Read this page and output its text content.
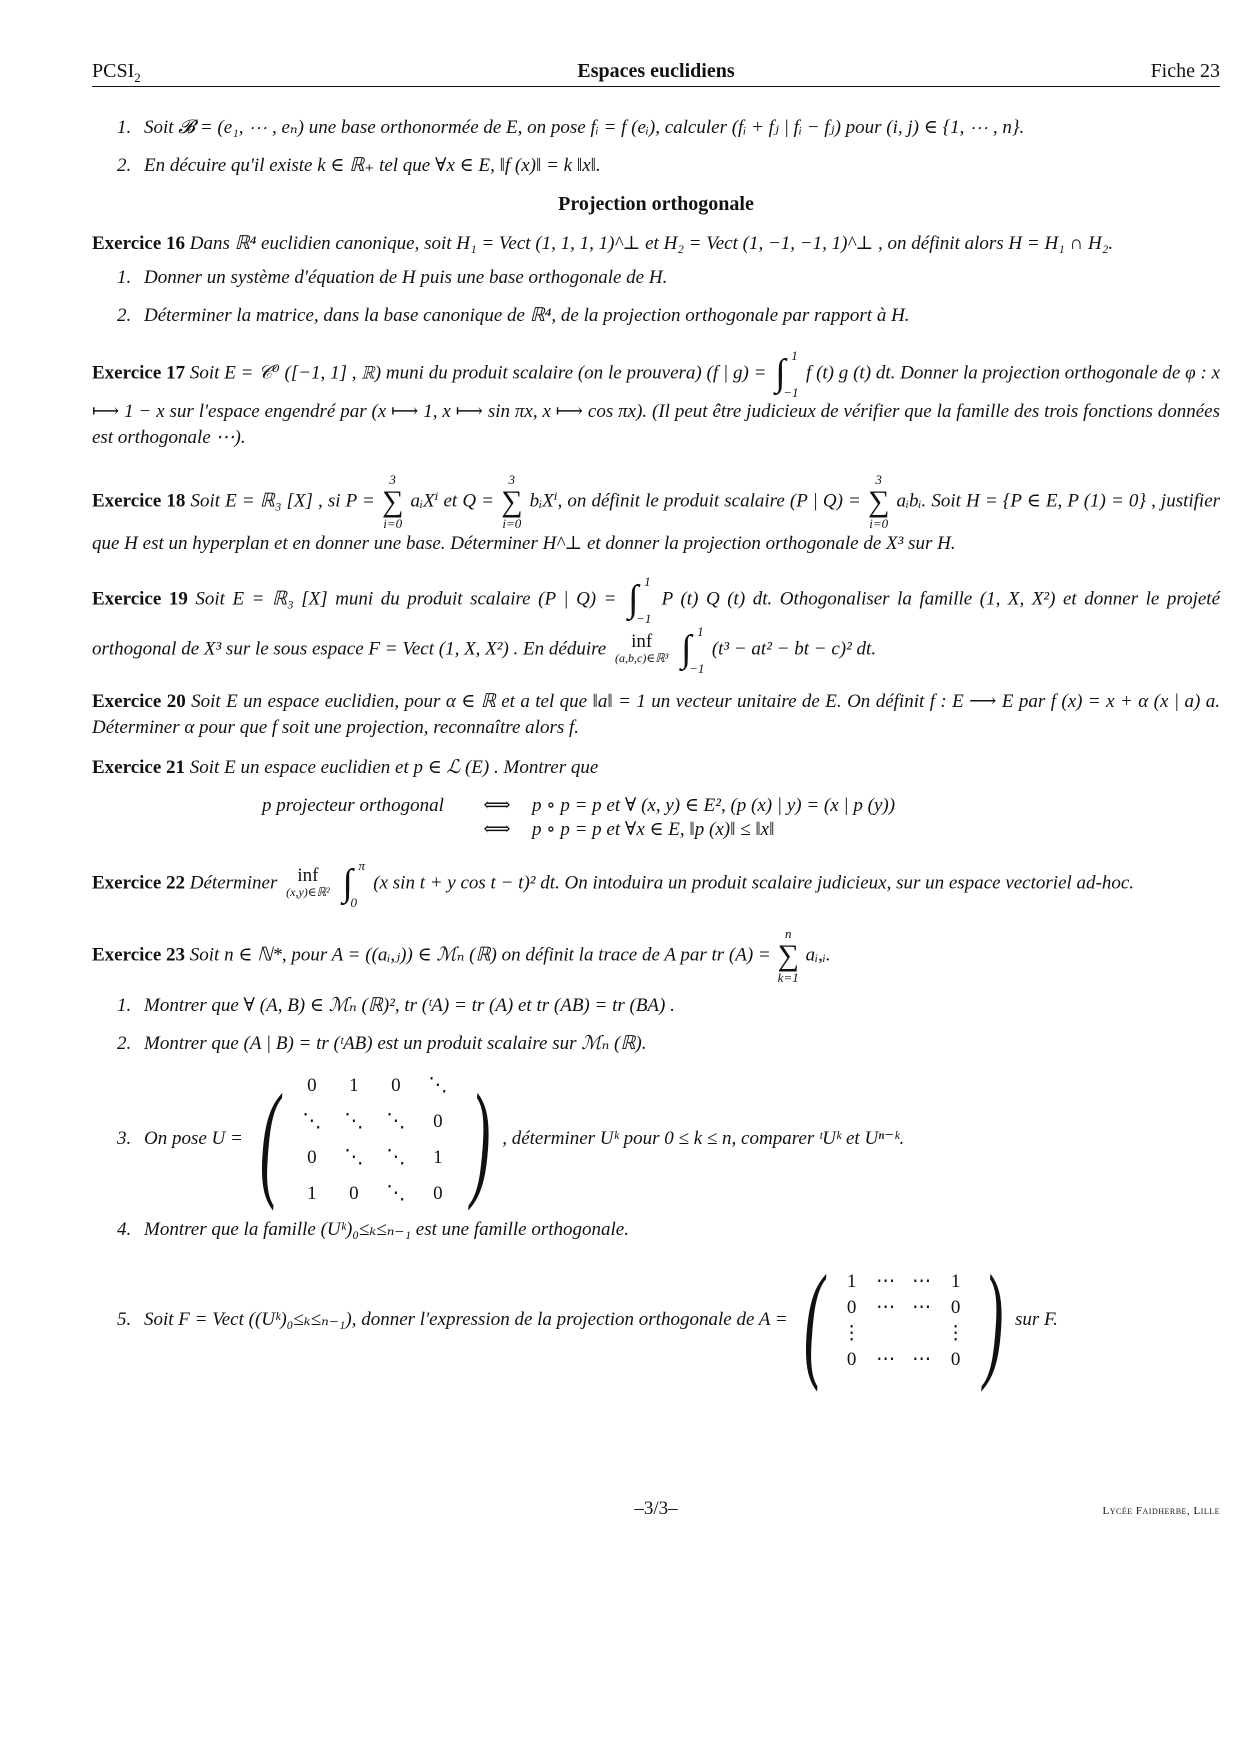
$PCSI_2$	Espaces euclidiens	Fiche 23
1. Soit 𝓑 = (e₁, ⋯ , eₙ) une base orthonormée de E, on pose fᵢ = f (eᵢ), calculer (fᵢ + fⱼ | fᵢ − fⱼ) pour (i, j) ∈ {1, ⋯ , n}.
2. En décuire qu'il existe k ∈ ℝ₊ tel que ∀x ∈ E, ‖f (x)‖ = k ‖x‖.
Projection orthogonale
Exercice 16 Dans ℝ⁴ euclidien canonique, soit H₁ = Vect (1, 1, 1, 1)^⊥ et H₂ = Vect (1, −1, −1, 1)^⊥ , on définit alors H = H₁ ∩ H₂.
1. Donner un système d'équation de H puis une base orthogonale de H.
2. Déterminer la matrice, dans la base canonique de ℝ⁴, de la projection orthogonale par rapport à H.
Exercice 17 Soit E = 𝒞⁰ ([−1, 1] , ℝ) muni du produit scalaire (on le prouvera) (f | g) = ∫ 1
−1
f (t) g (t) dt. Donner la projection orthogonale de φ : x ⟼ 1 − x sur l'espace engendré par (x ⟼ 1, x ⟼ sin πx, x ⟼ cos πx). (Il peut être judicieux de vérifier que la famille des trois fonctions données est orthogonale ⋯).
Exercice 18 Soit E = ℝ₃ [X] , si P =
3
∑
i=0
aᵢXⁱ et Q =
3
∑
i=0
bᵢXⁱ, on définit le produit scalaire (P | Q) =
3
∑
i=0
aᵢbᵢ. Soit H = {P ∈ E, P (1) = 0} , justifier que H est un hyperplan et en donner une base. Déterminer H^⊥ et donner la projection orthogonale de X³ sur H.
Exercice 19 Soit E = ℝ₃ [X] muni du produit scalaire (P | Q) = ∫ 1
−1
P (t) Q (t) dt. Othogonaliser la famille (1, X, X²) et donner le projeté orthogonal de X³ sur le sous espace F = Vect (1, X, X²) . En déduire inf
(a,b,c)∈ℝ³
∫ 1
−1
(t³ − at² − bt − c)² dt.
Exercice 20 Soit E un espace euclidien, pour α ∈ ℝ et a tel que ‖a‖ = 1 un vecteur unitaire de E. On définit f : E ⟶ E par f (x) = x + α (x | a) a. Déterminer α pour que f soit une projection, reconnaître alors f.
Exercice 21 Soit E un espace euclidien et p ∈ ℒ (E) . Montrer que
p projecteur orthogonal ⟺ p ∘ p = p et ∀ (x, y) ∈ E², (p (x) | y) = (x | p (y))
⟺ p ∘ p = p et ∀x ∈ E, ‖p (x)‖ ≤ ‖x‖
Exercice 22 Déterminer inf
(x,y)∈ℝ²
∫ π
0
(x sin t + y cos t − t)² dt. On intoduira un produit scalaire judicieux, sur un espace vectoriel ad-hoc.
Exercice 23 Soit n ∈ ℕ*, pour A = ((aᵢ,ⱼ)) ∈ ℳₙ (ℝ) on définit la trace de A par tr (A) =
n
∑
k=1
aᵢ,ᵢ.
1. Montrer que ∀ (A, B) ∈ ℳₙ (ℝ)², tr (ᵗA) = tr (A) et tr (AB) = tr (BA) .
2. Montrer que (A | B) = tr (ᵗAB) est un produit scalaire sur ℳₙ (ℝ).
3. On pose U = (	0	1	0	⋱
⋱	⋱	⋱	0
0	⋱	⋱	1
1	0	⋱	0 ) , déterminer Uᵏ pour 0 ≤ k ≤ n, comparer ᵗUᵏ et Uⁿ⁻ᵏ.
4. Montrer que la famille (Uᵏ)₀≤ₖ≤ₙ₋₁ est une famille orthogonale.
5. Soit F = Vect ((Uᵏ)₀≤ₖ≤ₙ₋₁), donner l'expression de la projection orthogonale de A = (	1	⋯ ⋯	1
0	⋯ ⋯	0
⋮	⋮
0	⋯ ⋯	0 ) sur F.
–3/3–	Lycée Faidherbe, Lille
